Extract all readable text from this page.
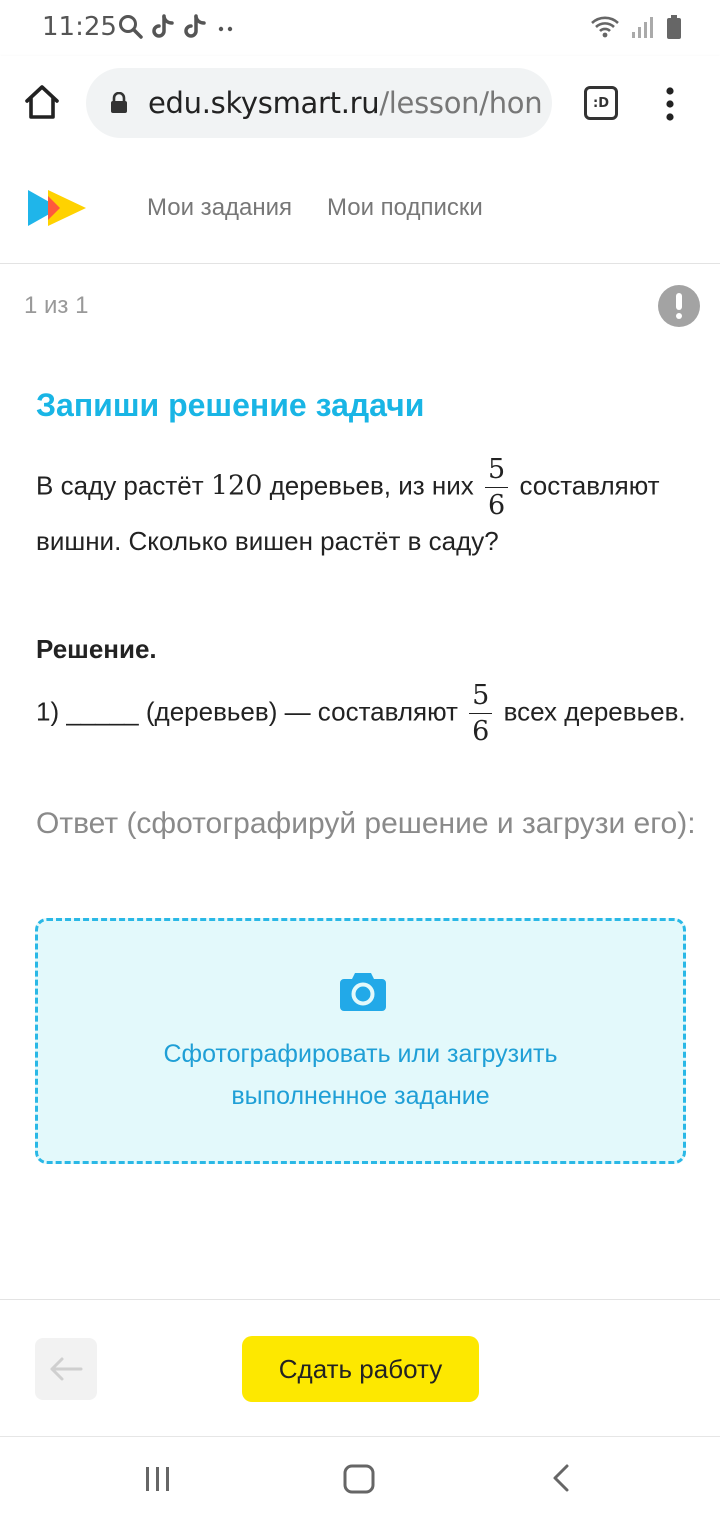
11:25
edu.skysmart.ru/lesson/hon	:D
Мои задания Мои подписки
1 из 1
Запиши решение задачи
В саду растёт 120 деревьев, из них $\frac{5}{6}$ составляют вишни. Сколько вишен растёт в саду?
Решение.
1) _____ (деревьев) — составляют $\frac{5}{6}$ всех деревьев.
Ответ (сфотографируй решение и загрузи его):
Сфотографировать или загрузить
выполненное задание
Сдать работу
